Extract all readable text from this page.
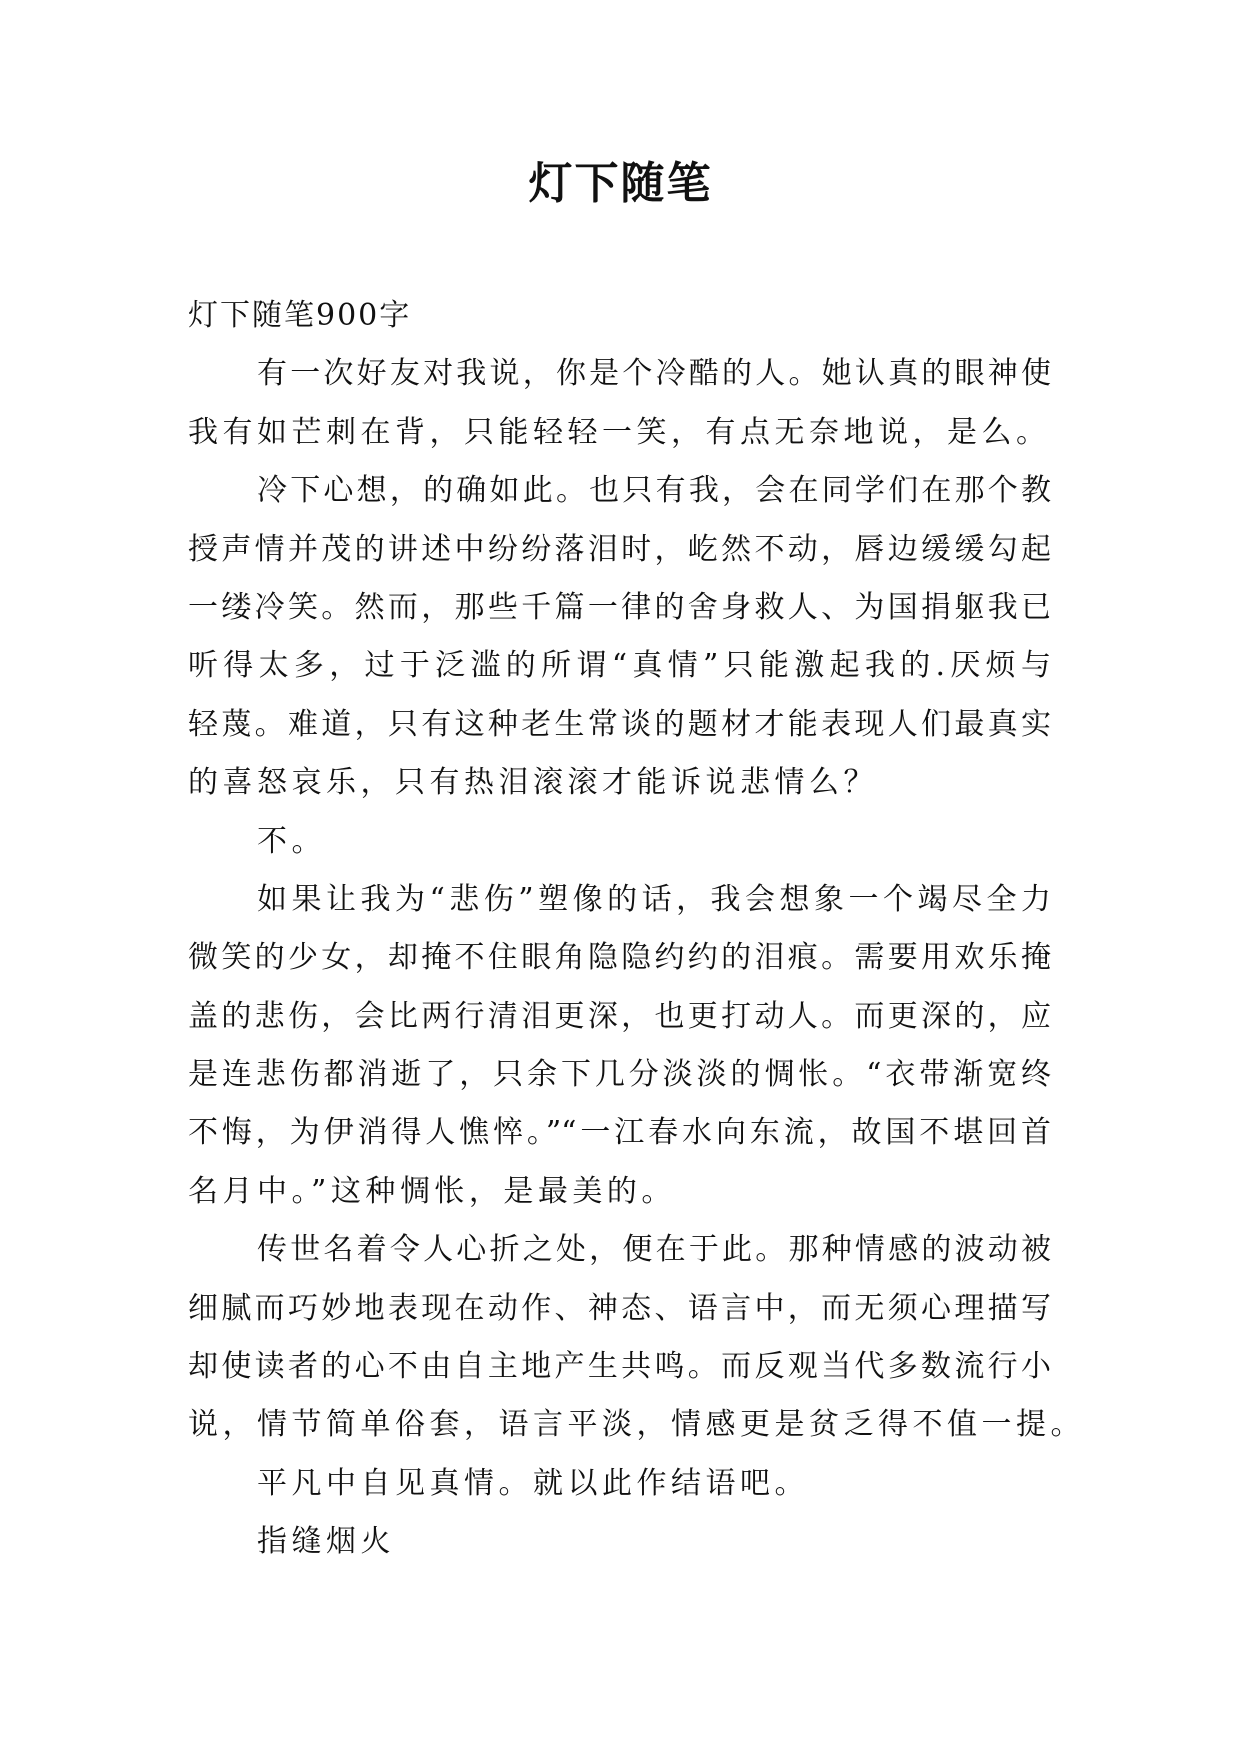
灯下随笔
灯下随笔900字
有一次好友对我说，你是个冷酷的人。她认真的眼神使
我有如芒刺在背，只能轻轻一笑，有点无奈地说，是么。
冷下心想，的确如此。也只有我，会在同学们在那个教
授声情并茂的讲述中纷纷落泪时，屹然不动，唇边缓缓勾起
一缕冷笑。然而，那些千篇一律的舍身救人、为国捐躯我已
听得太多，过于泛滥的所谓“真情”只能激起我的.厌烦与
轻蔑。难道，只有这种老生常谈的题材才能表现人们最真实
的喜怒哀乐，只有热泪滚滚才能诉说悲情么？
不。
如果让我为“悲伤”塑像的话，我会想象一个竭尽全力
微笑的少女，却掩不住眼角隐隐约约的泪痕。需要用欢乐掩
盖的悲伤，会比两行清泪更深，也更打动人。而更深的，应
是连悲伤都消逝了，只余下几分淡淡的惆怅。“衣带渐宽终
不悔，为伊消得人憔悴。”“一江春水向东流，故国不堪回首
名月中。”这种惆怅，是最美的。
传世名着令人心折之处，便在于此。那种情感的波动被
细腻而巧妙地表现在动作、神态、语言中，而无须心理描写
却使读者的心不由自主地产生共鸣。而反观当代多数流行小
说，情节简单俗套，语言平淡，情感更是贫乏得不值一提。
平凡中自见真情。就以此作结语吧。
指缝烟火
